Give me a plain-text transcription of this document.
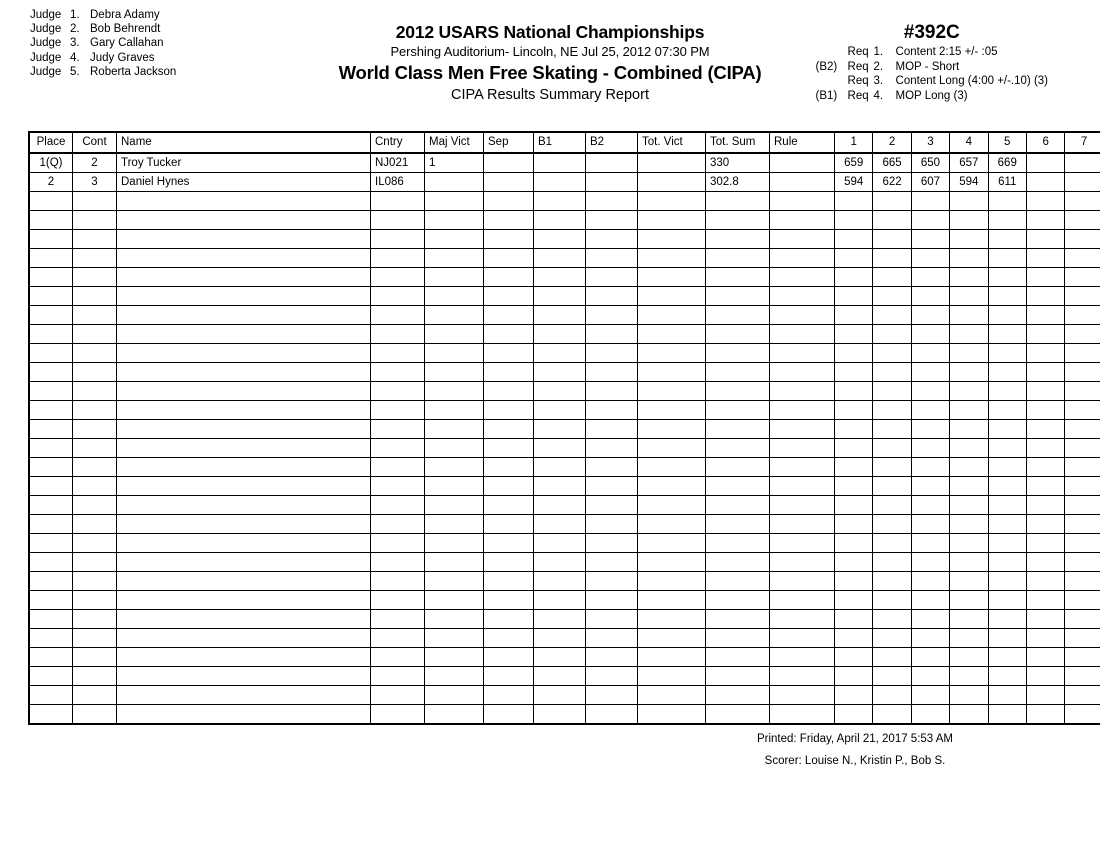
Judge 1. Debra Adamy
Judge 2. Bob Behrendt
Judge 3. Gary Callahan
Judge 4. Judy Graves
Judge 5. Roberta Jackson
2012 USARS National Championships
Pershing Auditorium- Lincoln, NE Jul 25, 2012 07:30 PM
World Class Men Free Skating - Combined (CIPA)
CIPA Results Summary Report
#392C
Req 1.	Content 2:15 +/- :05
(B2) Req 2.	MOP - Short
Req 3.	Content Long (4:00 +/-.10) (3)
(B1) Req 4.	MOP Long (3)
Place	Cont	Name	Cntry	Maj Vict	Sep	B1	B2	Tot. Vict	Tot. Sum	Rule	1	2	3	4	5	6	7
1(Q)	2	Troy Tucker	NJ021	1					330		659	665	650	657	669		
2	3	Daniel Hynes	IL086						302.8		594	622	607	594	611		

Printed: Friday, April 21, 2017 5:53 AM
Scorer: Louise N., Kristin P., Bob S.
